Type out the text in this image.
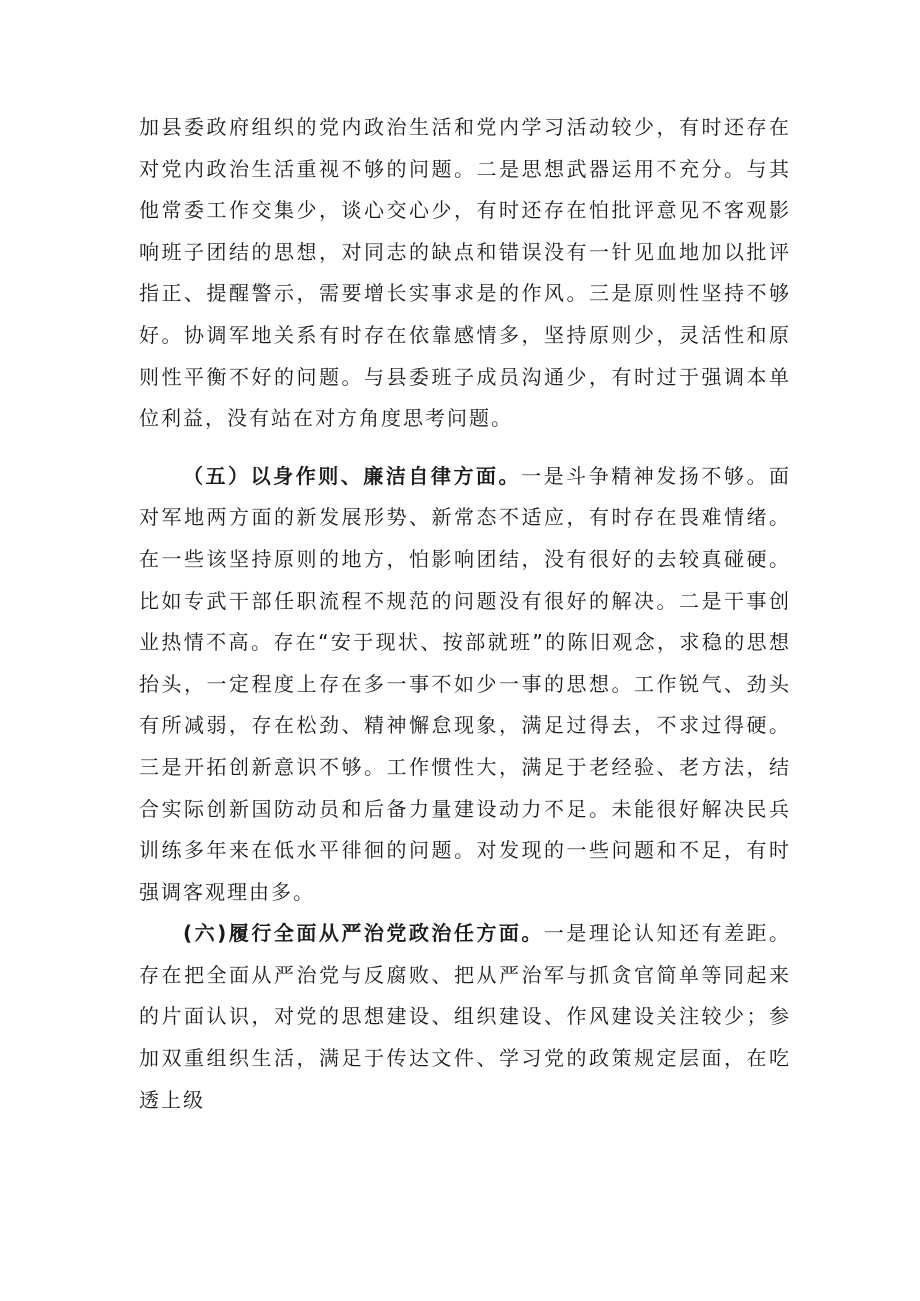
加县委政府组织的党内政治生活和党内学习活动较少，有时还存在对党内政治生活重视不够的问题。二是思想武器运用不充分。与其他常委工作交集少，谈心交心少，有时还存在怕批评意见不客观影响班子团结的思想，对同志的缺点和错误没有一针见血地加以批评指正、提醒警示，需要增长实事求是的作风。三是原则性坚持不够好。协调军地关系有时存在依靠感情多，坚持原则少，灵活性和原则性平衡不好的问题。与县委班子成员沟通少，有时过于强调本单位利益，没有站在对方角度思考问题。

（五）以身作则、廉洁自律方面。一是斗争精神发扬不够。面对军地两方面的新发展形势、新常态不适应，有时存在畏难情绪。在一些该坚持原则的地方，怕影响团结，没有很好的去较真碰硬。比如专武干部任职流程不规范的问题没有很好的解决。二是干事创业热情不高。存在“安于现状、按部就班”的陈旧观念，求稳的思想抬头，一定程度上存在多一事不如少一事的思想。工作锐气、劲头有所减弱，存在松劲、精神懈怠现象，满足过得去，不求过得硬。三是开拓创新意识不够。工作惯性大，满足于老经验、老方法，结合实际创新国防动员和后备力量建设动力不足。未能很好解决民兵训练多年来在低水平徘徊的问题。对发现的一些问题和不足，有时强调客观理由多。

(六)履行全面从严治党政治任方面。一是理论认知还有差距。存在把全面从严治党与反腐败、把从严治军与抓贪官简单等同起来的片面认识，对党的思想建设、组织建设、作风建设关注较少；参加双重组织生活，满足于传达文件、学习党的政策规定层面，在吃透上级
